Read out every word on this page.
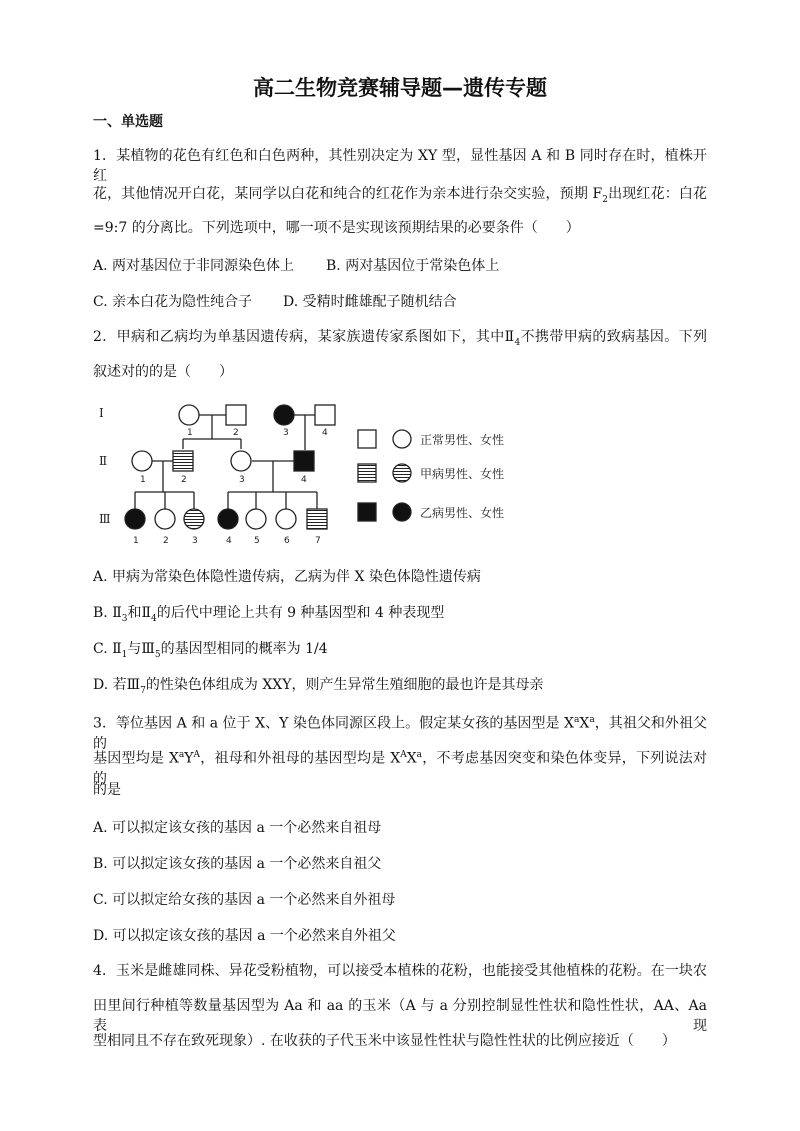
高二生物竞赛辅导题—遗传专题
一、单选题
1．某植物的花色有红色和白色两种，其性别决定为 XY 型，显性基因 A 和 B 同时存在时，植株开红
花，其他情况开白花，某同学以白花和纯合的红花作为亲本进行杂交实验，预期 $F_2$出现红花：白花
=9:7 的分离比。下列选项中，哪一项不是实现该预期结果的必要条件（　　）
A. 两对基因位于非同源染色体上 B. 两对基因位于常染色体上
C. 亲本白花为隐性纯合子 D. 受精时雌雄配子随机结合
2．甲病和乙病均为单基因遗传病，某家族遗传家系图如下，其中$Ⅱ_4$不携带甲病的致病基因。下列
叙述对的的是（　　）
Ⅰ
Ⅱ
Ⅲ
1	2	3	4
1	2	3	4
1	2	3	4 5	6	7
正常男性、女性
甲病男性、女性
乙病男性、女性
A. 甲病为常染色体隐性遗传病，乙病为伴 X 染色体隐性遗传病
B. $Ⅱ_3$和$Ⅱ_4$的后代中理论上共有 9 种基因型和 4 种表现型
C. $Ⅱ_1$与$Ⅲ_5$的基因型相同的概率为 1/4
D. 若$Ⅲ_7$的性染色体组成为 XXY，则产生异常生殖细胞的最也许是其母亲
3．等位基因 A 和 a 位于 X、Y 染色体同源区段上。假定某女孩的基因型是 $X^aX^a$，其祖父和外祖父的
基因型均是 $X^aY^A$，祖母和外祖母的基因型均是 $X^AX^a$，不考虑基因突变和染色体变异，下列说法对的
的是
A. 可以拟定该女孩的基因 a 一个必然来自祖母
B. 可以拟定该女孩的基因 a 一个必然来自祖父
C. 可以拟定给女孩的基因 a 一个必然来自外祖母
D. 可以拟定该女孩的基因 a 一个必然来自外祖父
4．玉米是雌雄同株、异花受粉植物，可以接受本植株的花粉，也能接受其他植株的花粉。在一块农
田里间行种植等数量基因型为 Aa 和 aa 的玉米（A 与 a 分别控制显性性状和隐性性状，AA、Aa 表现
型相同且不存在致死现象）. 在收获的子代玉米中该显性性状与隐性性状的比例应接近（　　）
